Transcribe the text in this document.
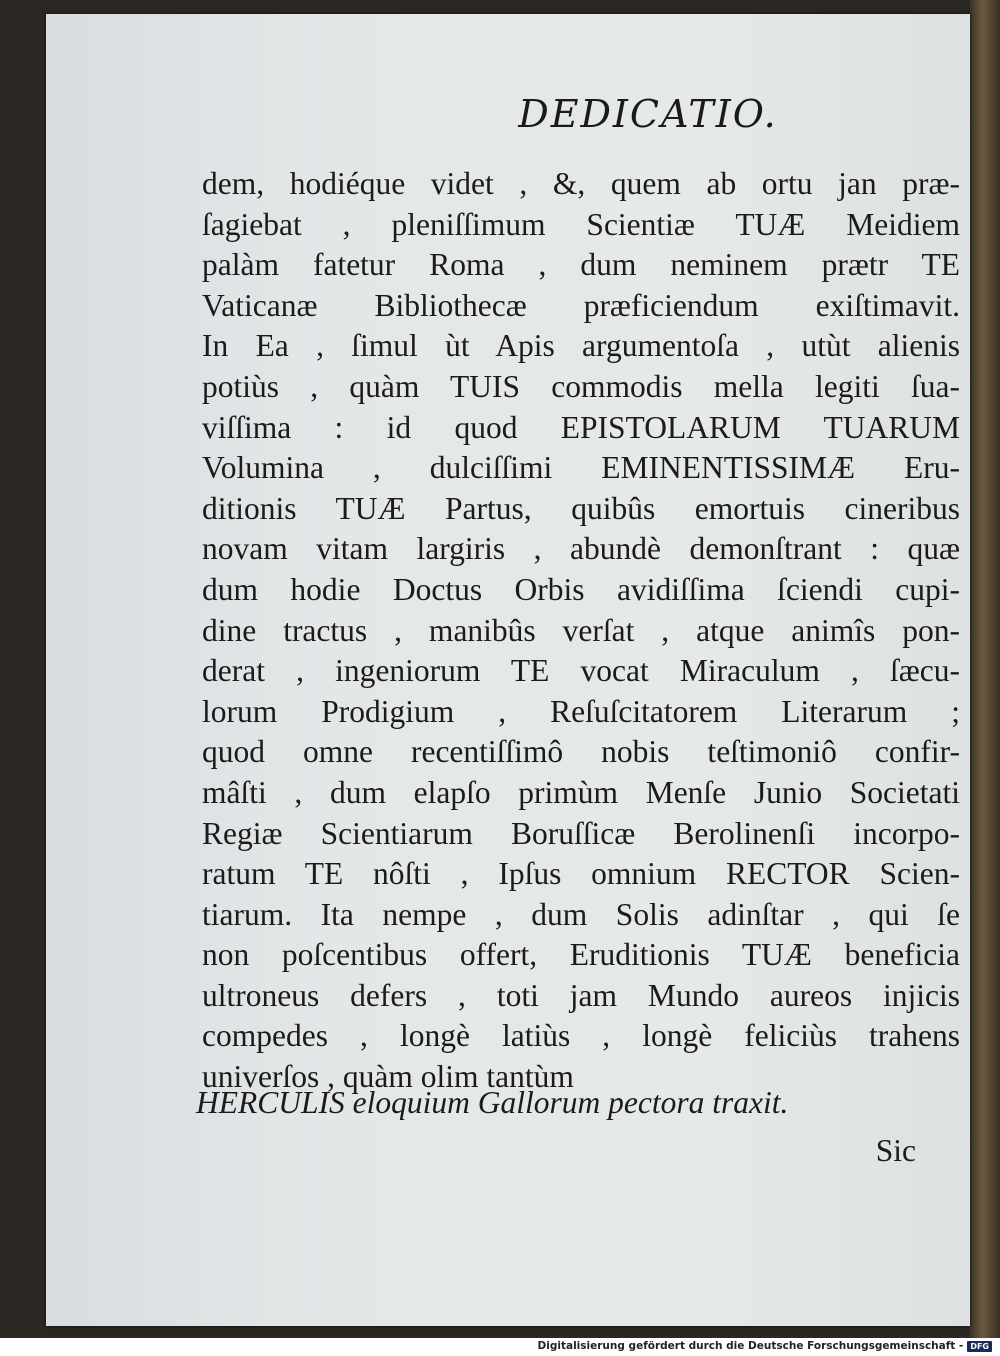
DEDICATIO.
dem, hodiéque videt , &, quem ab ortu jan præ-
ſagiebat , pleniſſimum Scientiæ TUÆ Meidiem
palàm fatetur Roma , dum neminem prætr TE
Vaticanæ Bibliothecæ præficiendum exiſtimavit.
In Ea , ſimul ùt Apis argumentoſa , utùt alienis
potiùs , quàm TUIS commodis mella legiti ſua-
viſſima : id quod EPISTOLARUM TUARUM
Volumina , dulciſſimi EMINENTISSIMÆ Eru-
ditionis TUÆ Partus, quibûs emortuis cineribus
novam vitam largiris , abundè demonſtrant : quæ
dum hodie Doctus Orbis avidiſſima ſciendi cupi-
dine tractus , manibûs verſat , atque animîs pon-
derat , ingeniorum TE vocat Miraculum , ſæcu-
lorum Prodigium , Reſuſcitatorem Literarum ;
quod omne recentiſſimô nobis teſtimoniô confir-
mâſti , dum elapſo primùm Menſe Junio Societati
Regiæ Scientiarum Boruſſicæ Berolinenſi incorpo-
ratum TE nôſti , Ipſus omnium RECTOR Scien-
tiarum. Ita nempe , dum Solis adinſtar , qui ſe
non poſcentibus offert, Eruditionis TUÆ beneficia
ultroneus defers , toti jam Mundo aureos injicis
compedes , longè latiùs , longè feliciùs trahens
univerſos , quàm olim tantùm
HERCULIS eloquium Gallorum pectora traxit.
Sic
Digitalisierung gefördert durch die Deutsche Forschungsgemeinschaft - DFG
